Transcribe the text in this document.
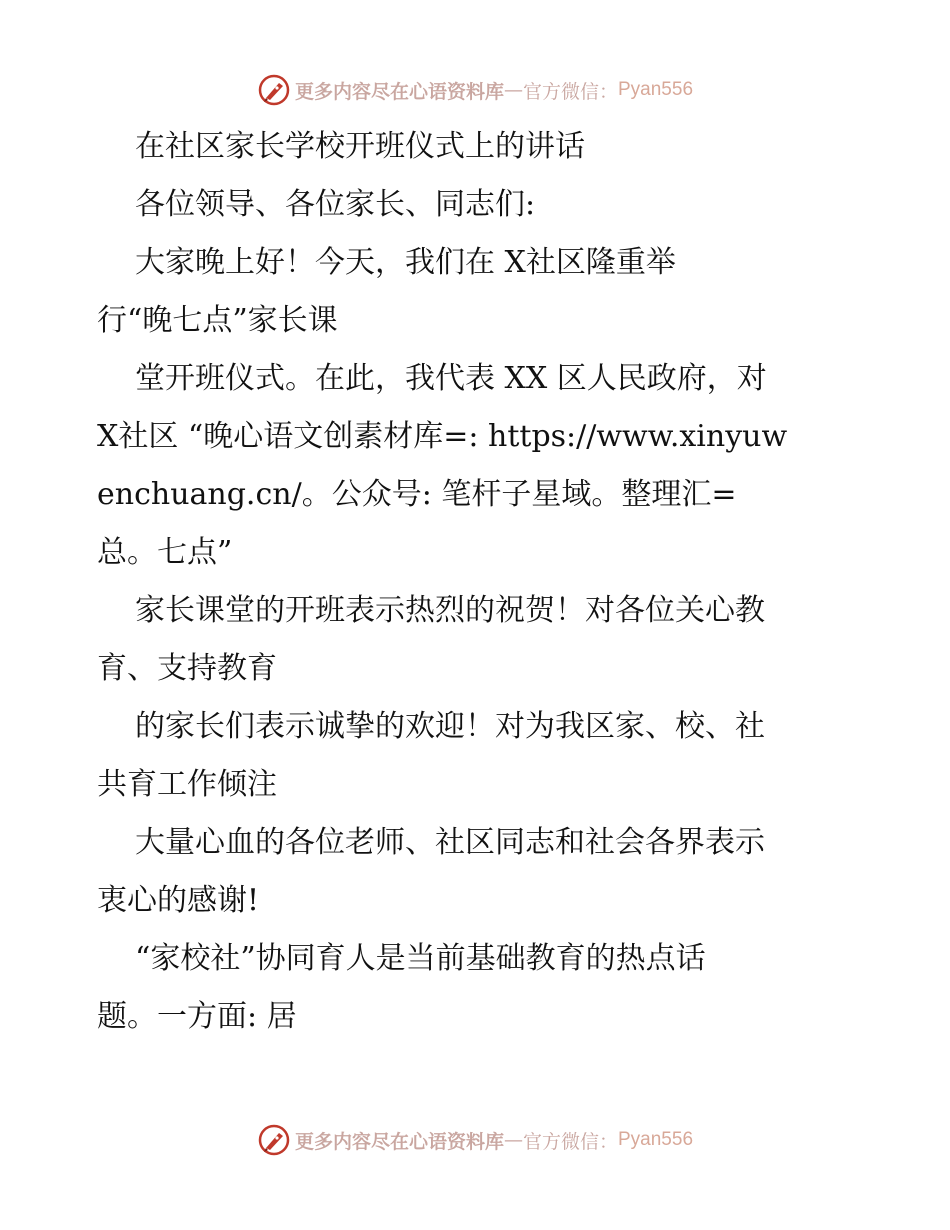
更多内容尽在心语资料库 — 官方微信： Pyan556
在社区家长学校开班仪式上的讲话
各位领导、各位家长、同志们:
大家晚上好！今天，我们在 X社区隆重举
行“晚七点”家长课
堂开班仪式。在此，我代表 XX 区人民政府，对
X社区 “晚心语文创素材库=: https://www.xinyuw
enchuang.cn/。公众号: 笔杆子星域。整理汇=
总。七点”
家长课堂的开班表示热烈的祝贺！对各位关心教
育、支持教育
的家长们表示诚挚的欢迎！对为我区家、校、社
共育工作倾注
大量心血的各位老师、社区同志和社会各界表示
衷心的感谢!
“家校社”协同育人是当前基础教育的热点话
题。一方面: 居
更多内容尽在心语资料库 — 官方微信： Pyan556
